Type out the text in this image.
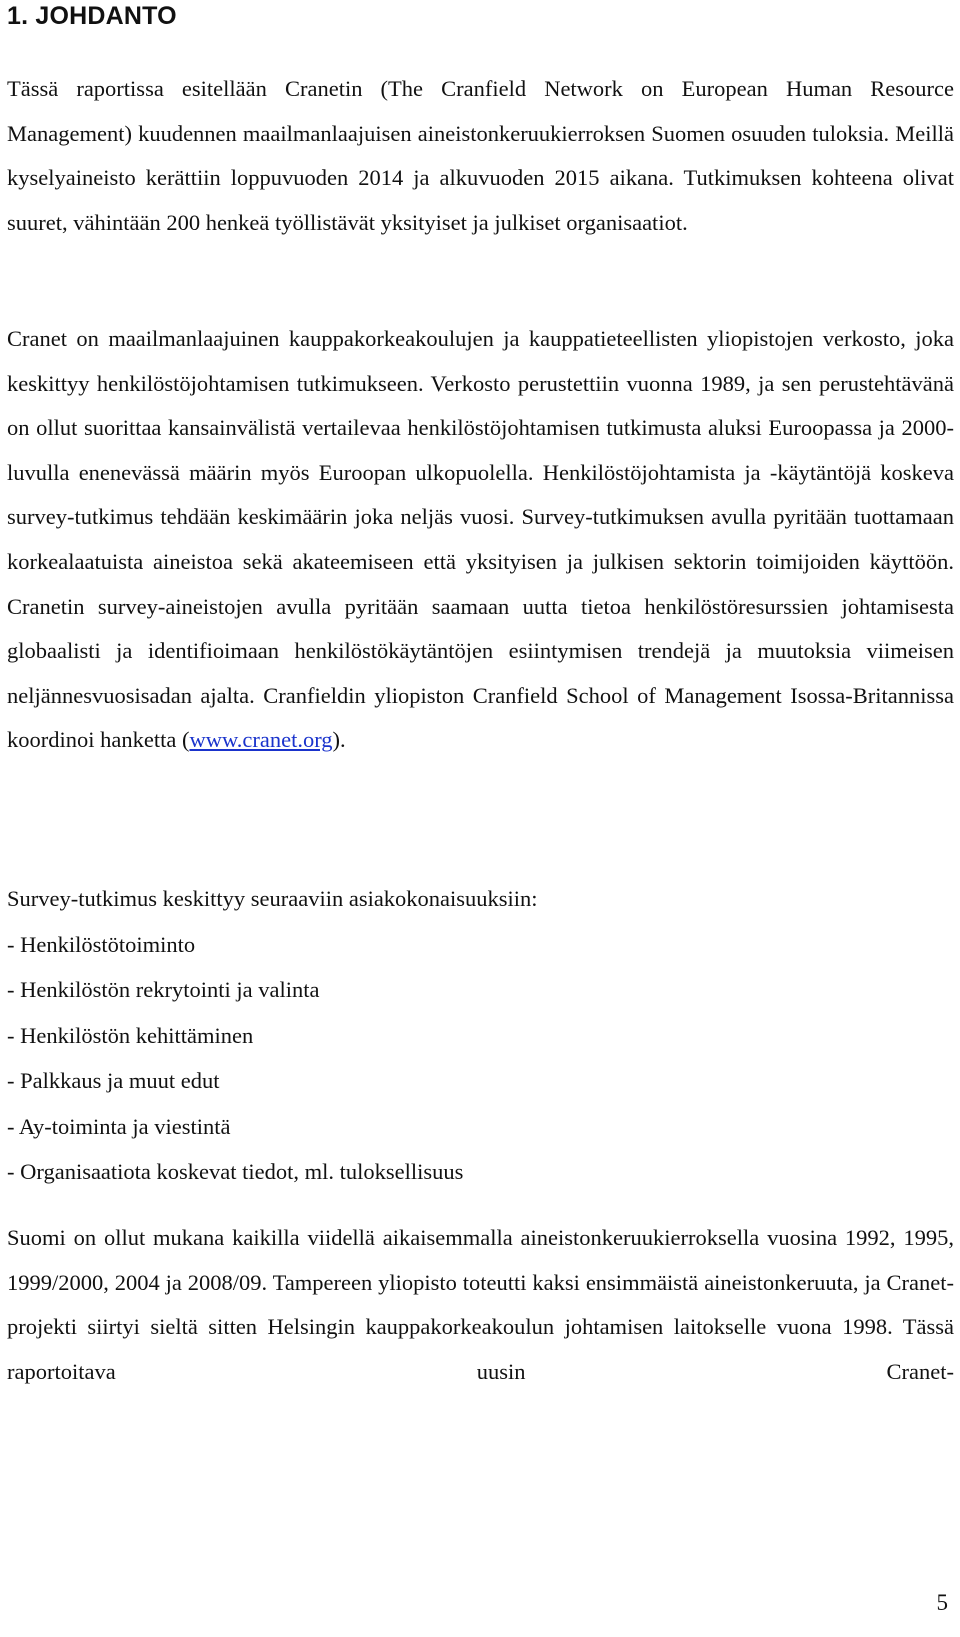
1. JOHDANTO

Tässä raportissa esitellään Cranetin (The Cranfield Network on European Human Resource Management) kuudennen maailmanlaajuisen aineistonkeruukierroksen Suomen osuuden tuloksia. Meillä kyselyaineisto kerättiin loppuvuoden 2014 ja alkuvuoden 2015 aikana. Tutkimuksen kohteena olivat suuret, vähintään 200 henkeä työllistävät yksityiset ja julkiset organisaatiot.

Cranet on maailmanlaajuinen kauppakorkeakoulujen ja kauppatieteellisten yliopistojen verkosto, joka keskittyy henkilöstöjohtamisen tutkimukseen. Verkosto perustettiin vuonna 1989, ja sen perustehtävänä on ollut suorittaa kansainvälistä vertailevaa henkilöstöjohtamisen tutkimusta aluksi Euroopassa ja 2000-luvulla enenevässä määrin myös Euroopan ulkopuolella. Henkilöstöjohtamista ja -käytäntöjä koskeva survey-tutkimus tehdään keskimäärin joka neljäs vuosi. Survey-tutkimuksen avulla pyritään tuottamaan korkealaatuista aineistoa sekä akateemiseen että yksityisen ja julkisen sektorin toimijoiden käyttöön. Cranetin survey-aineistojen avulla pyritään saamaan uutta tietoa henkilöstöresurssien johtamisesta globaalisti ja identifioimaan henkilöstökäytäntöjen esiintymisen trendejä ja muutoksia viimeisen neljännesvuosisadan ajalta. Cranfieldin yliopiston Cranfield School of Management Isossa-Britannissa koordinoi hanketta (www.cranet.org).

Survey-tutkimus keskittyy seuraaviin asiakokonaisuuksiin:

- Henkilöstötoiminto
- Henkilöstön rekrytointi ja valinta
- Henkilöstön kehittäminen
- Palkkaus ja muut edut
- Ay-toiminta ja viestintä
- Organisaatiota koskevat tiedot, ml. tuloksellisuus

Suomi on ollut mukana kaikilla viidellä aikaisemmalla aineistonkeruukierroksella vuosina 1992, 1995, 1999/2000, 2004 ja 2008/09. Tampereen yliopisto toteutti kaksi ensimmäistä aineistonkeruuta, ja Cranet-projekti siirtyi sieltä sitten Helsingin kauppakorkeakoulun johtamisen laitokselle vuona 1998. Tässä raportoitava uusin Cranet-

5
